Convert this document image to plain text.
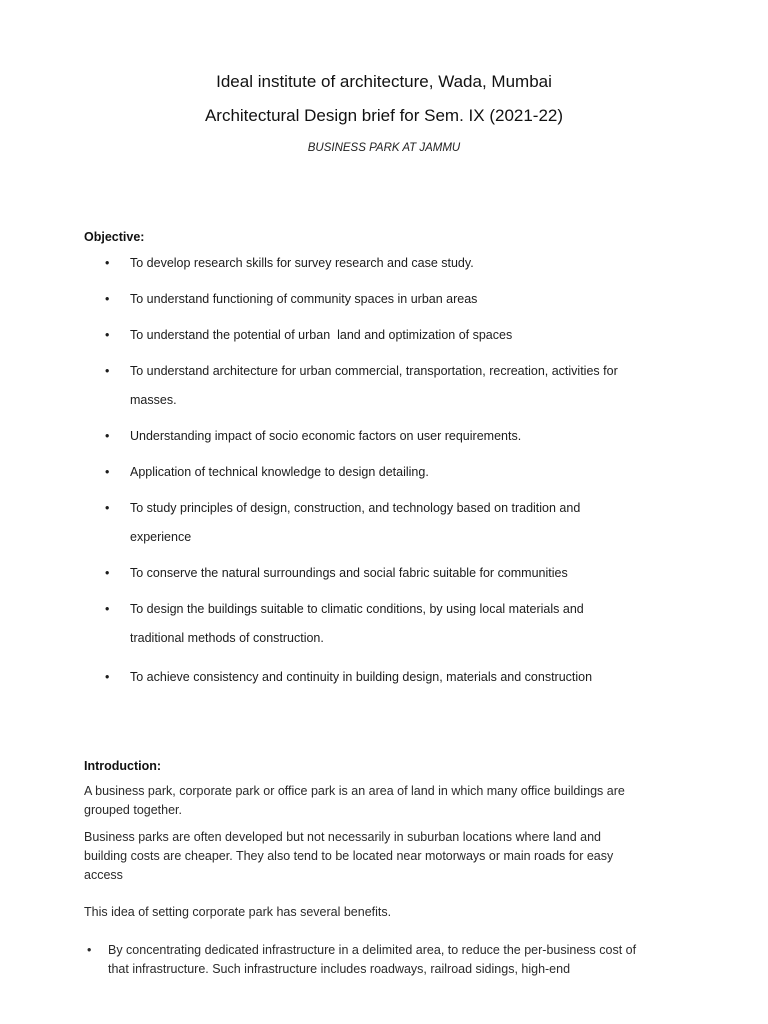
Ideal institute of architecture, Wada, Mumbai
Architectural Design brief for Sem. IX (2021-22)
BUSINESS PARK AT JAMMU
Objective:
• To develop research skills for survey research and case study.
• To understand functioning of community spaces in urban areas
• To understand the potential of urban  land and optimization of spaces
• To understand architecture for urban commercial, transportation, recreation, activities for
masses.
• Understanding impact of socio economic factors on user requirements.
• Application of technical knowledge to design detailing.
• To study principles of design, construction, and technology based on tradition and
experience
• To conserve the natural surroundings and social fabric suitable for communities
• To design the buildings suitable to climatic conditions, by using local materials and
traditional methods of construction.
• To achieve consistency and continuity in building design, materials and construction
Introduction:

A business park, corporate park or office park is an area of land in which many office buildings are
grouped together.

Business parks are often developed but not necessarily in suburban locations where land and
building costs are cheaper. They also tend to be located near motorways or main roads for easy
access

This idea of setting corporate park has several benefits.

• By concentrating dedicated infrastructure in a delimited area, to reduce the per-business cost of
that infrastructure. Such infrastructure includes roadways, railroad sidings, high-end
